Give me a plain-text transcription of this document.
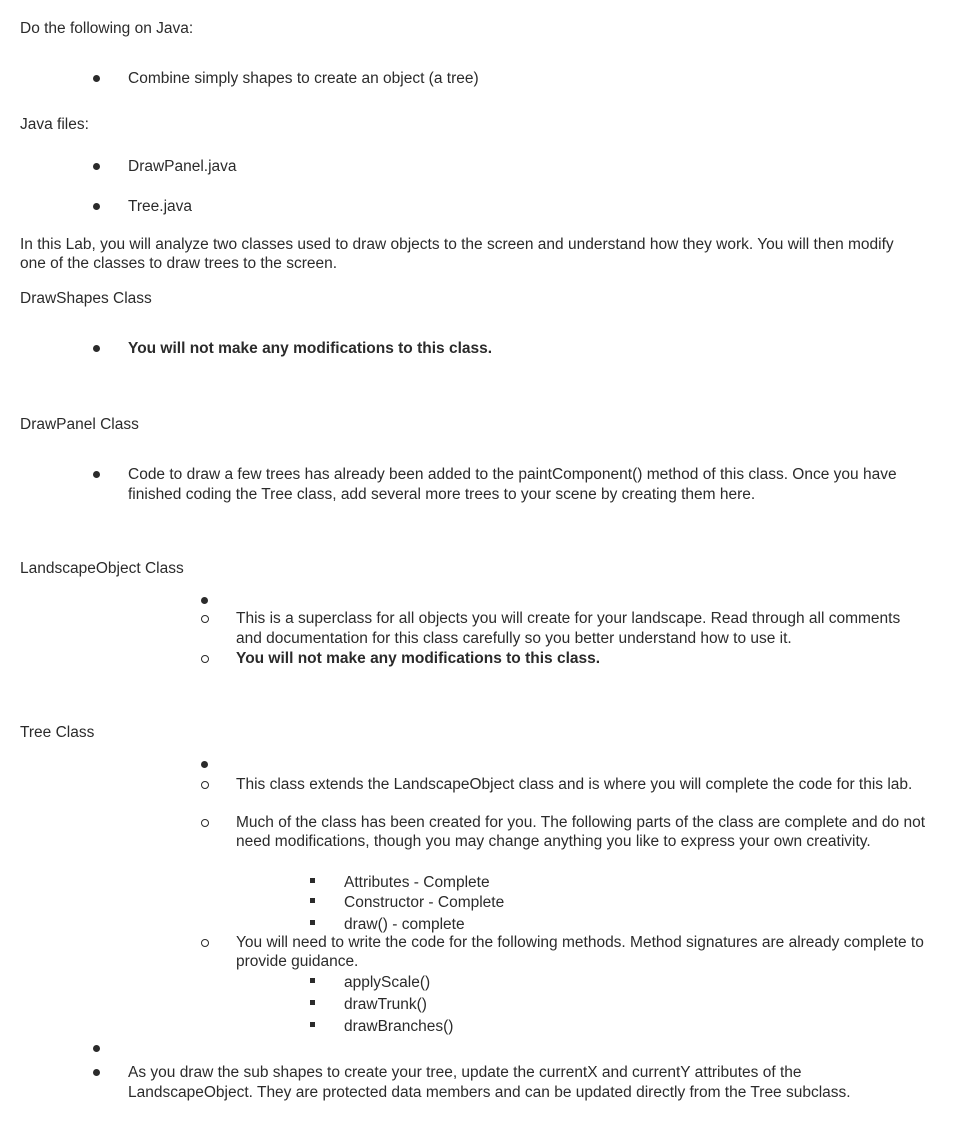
Do the following on Java:
Combine simply shapes to create an object (a tree)
Java files:
DrawPanel.java
Tree.java
In this Lab, you will analyze two classes used to draw objects to the screen and understand how they work. You will then modify one of the classes to draw trees to the screen.
DrawShapes Class
You will not make any modifications to this class.
DrawPanel Class
Code to draw a few trees has already been added to the paintComponent() method of this class. Once you have finished coding the Tree class, add several more trees to your scene by creating them here.
LandscapeObject Class
This is a superclass for all objects you will create for your landscape. Read through all comments and documentation for this class carefully so you better understand how to use it.
You will not make any modifications to this class.
Tree Class
This class extends the LandscapeObject class and is where you will complete the code for this lab.
Much of the class has been created for you. The following parts of the class are complete and do not need modifications, though you may change anything you like to express your own creativity.
Attributes - Complete
Constructor - Complete
draw() - complete
You will need to write the code for the following methods. Method signatures are already complete to provide guidance.
applyScale()
drawTrunk()
drawBranches()
As you draw the sub shapes to create your tree, update the currentX and currentY attributes of the LandscapeObject. They are protected data members and can be updated directly from the Tree subclass.
